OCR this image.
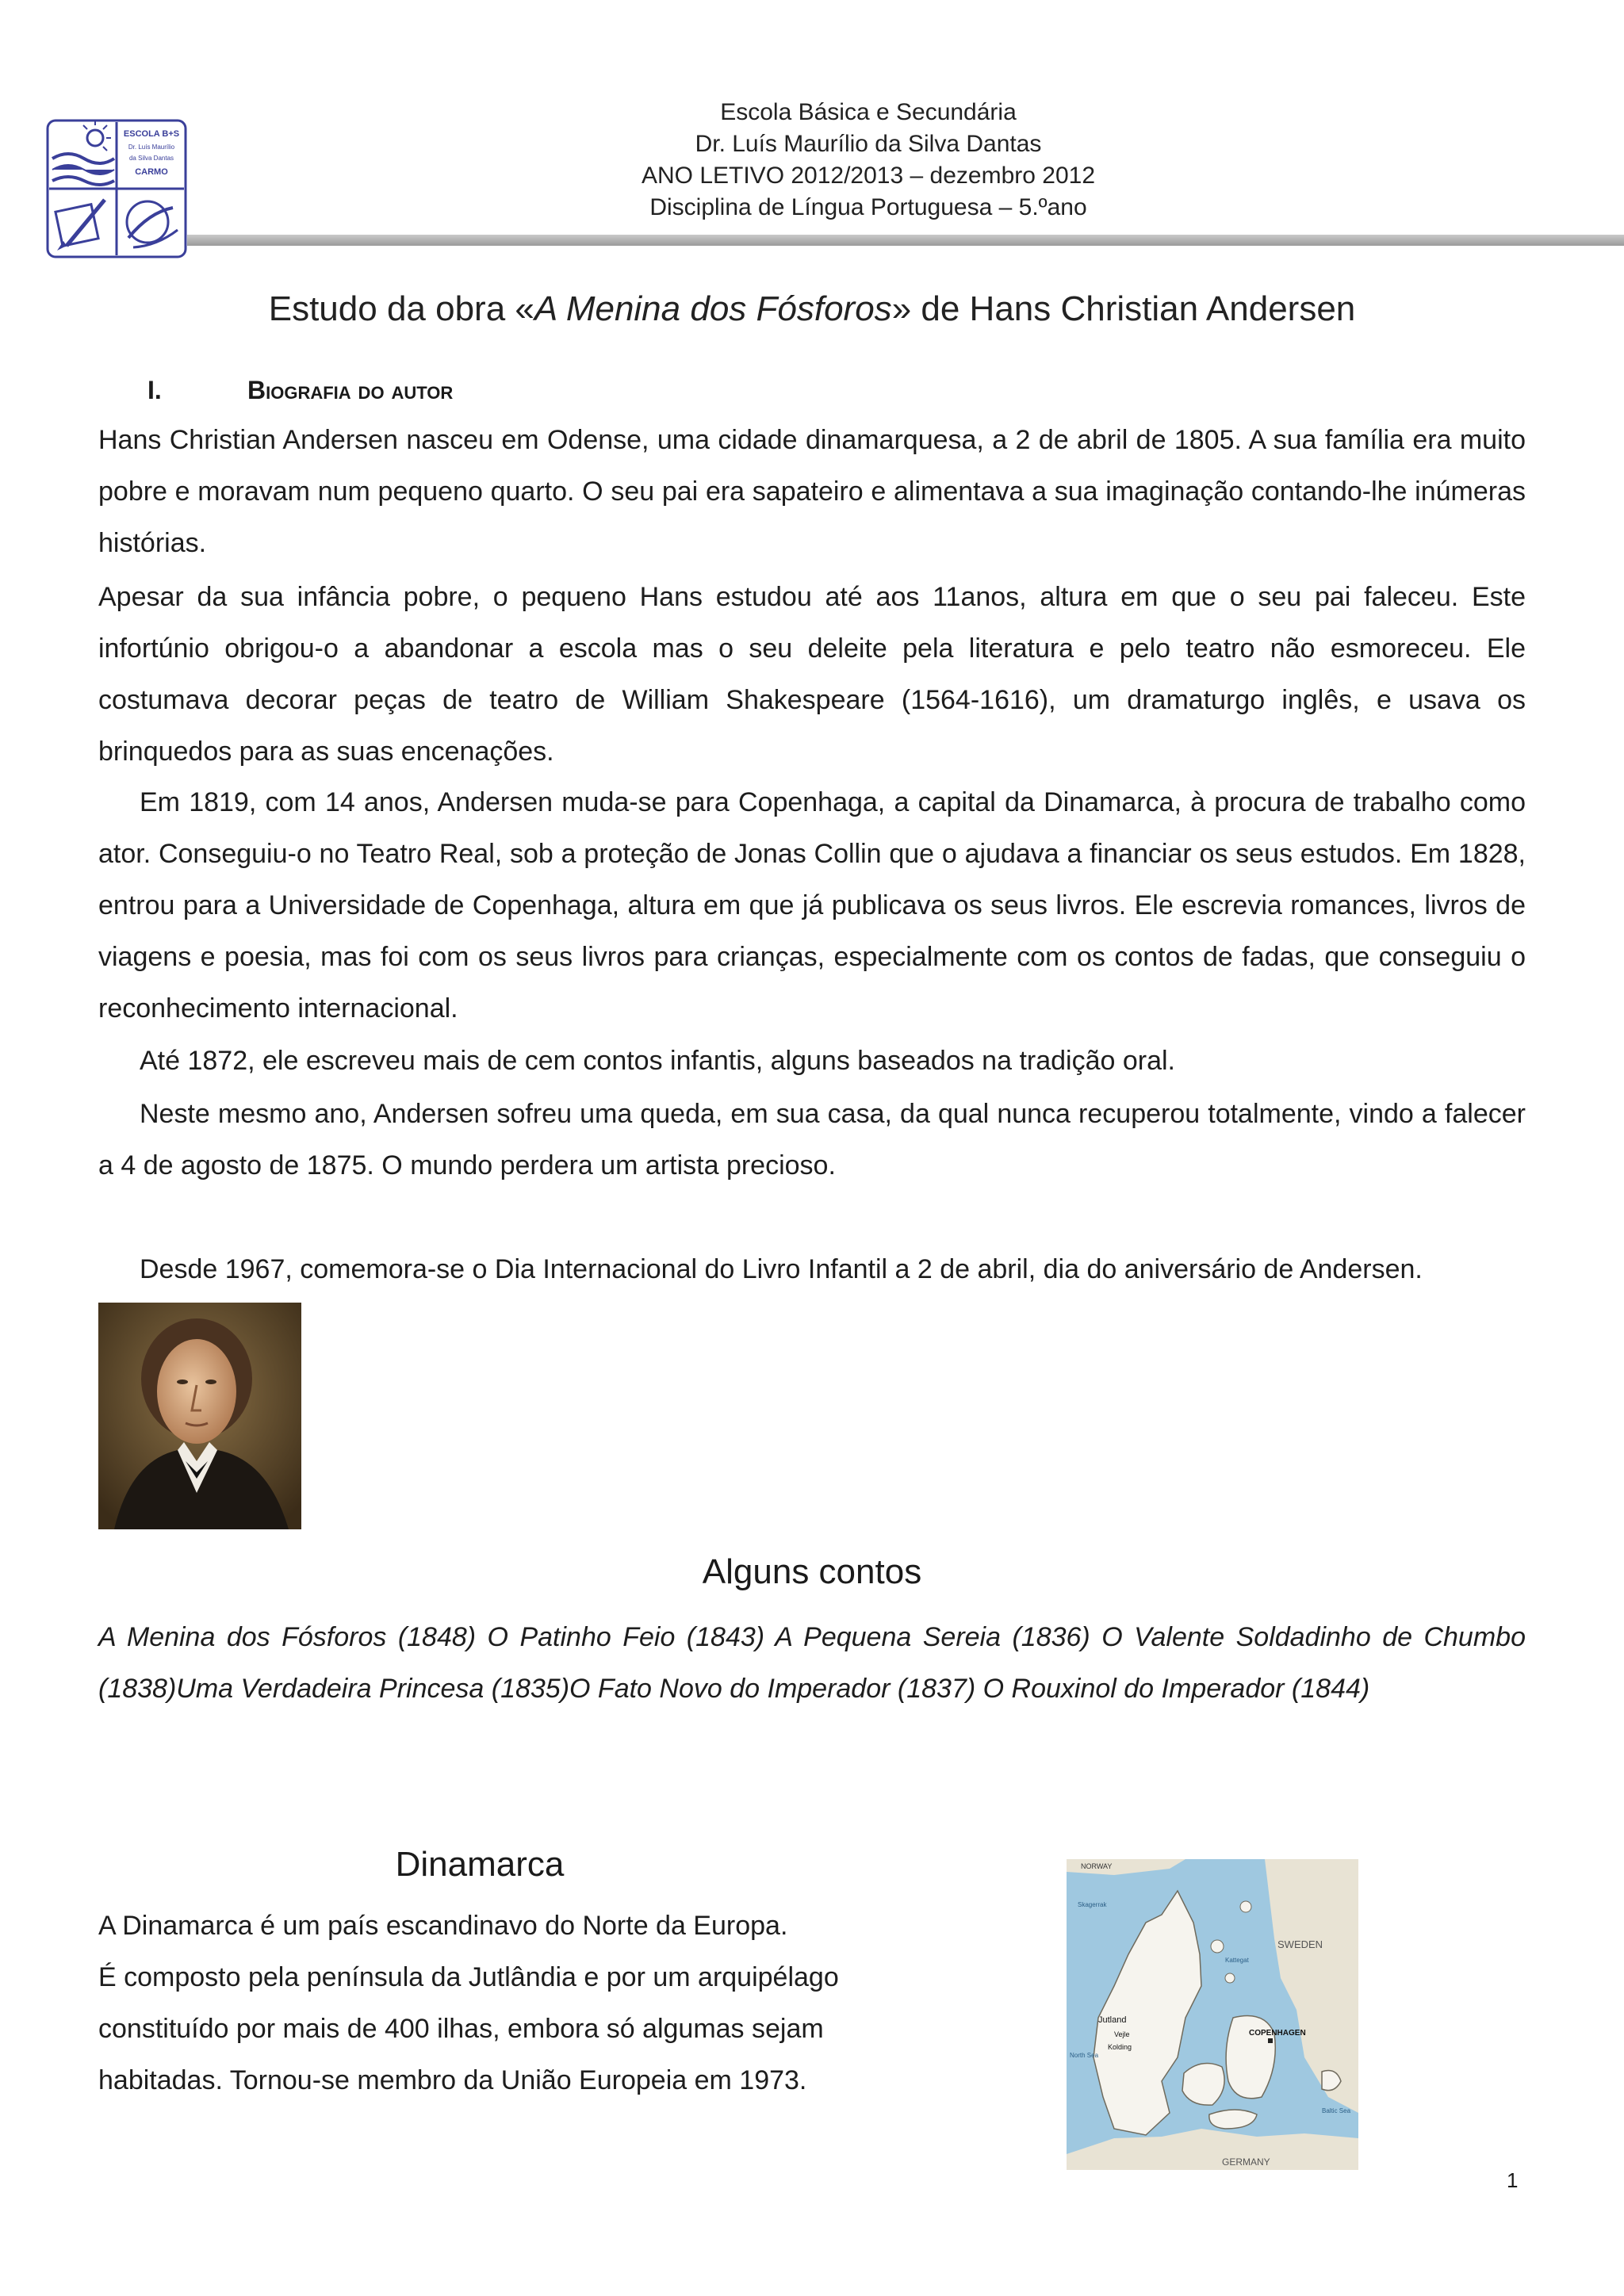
ESCOLA B+S
Dr. Luís Maurílio
da Silva Dantas
CARMO
Escola Básica e Secundária
Dr. Luís Maurílio da Silva Dantas
ANO LETIVO 2012/2013 – dezembro 2012
Disciplina de Língua Portuguesa – 5.ºano
Estudo da obra «A Menina dos Fósforos» de Hans Christian Andersen
I.	Biografia do autor
Hans Christian Andersen nasceu em Odense, uma cidade dinamarquesa, a 2 de abril de 1805. A sua família era muito pobre e moravam num pequeno quarto. O seu pai era sapateiro e alimentava a sua imaginação contando-lhe inúmeras histórias.
Apesar da sua infância pobre, o pequeno Hans estudou até aos 11anos, altura em que o seu pai faleceu. Este infortúnio obrigou-o a abandonar a escola mas o seu deleite pela literatura e pelo teatro não esmoreceu. Ele costumava decorar peças de teatro de William Shakespeare (1564-1616), um dramaturgo inglês, e usava os brinquedos para as suas encenações.
Em 1819, com 14 anos, Andersen muda-se para Copenhaga, a capital da Dinamarca, à procura de trabalho como ator. Conseguiu-o no Teatro Real, sob a proteção de Jonas Collin que o ajudava a financiar os seus estudos. Em 1828, entrou para a Universidade de Copenhaga, altura em que já publicava os seus livros. Ele escrevia romances, livros de viagens e poesia, mas foi com os seus livros para crianças, especialmente com os contos de fadas, que conseguiu o reconhecimento internacional.
Até 1872, ele escreveu mais de cem contos infantis, alguns baseados na tradição oral.
Neste mesmo ano, Andersen sofreu uma queda, em sua casa, da qual nunca recuperou totalmente, vindo a falecer a 4 de agosto de 1875. O mundo perdera um artista precioso.
Desde 1967, comemora-se o Dia Internacional do Livro Infantil a 2 de abril, dia do aniversário de Andersen.
Alguns contos
A Menina dos Fósforos (1848) O Patinho Feio (1843) A Pequena Sereia (1836) O Valente Soldadinho de Chumbo (1838)Uma Verdadeira Princesa (1835)O Fato Novo do Imperador (1837) O Rouxinol do Imperador (1844)
Dinamarca
A Dinamarca é um país escandinavo do Norte da Europa.
É composto pela península da Jutlândia e por um arquipélago
constituído por mais de 400 ilhas, embora só algumas sejam
habitadas. Tornou-se membro da União Europeia em 1973.
NORWAY
SWEDEN
GERMANY
COPENHAGEN
Jutland
Vejle
Kolding
Skagerrak
Kattegat
North Sea
Baltic Sea
1
